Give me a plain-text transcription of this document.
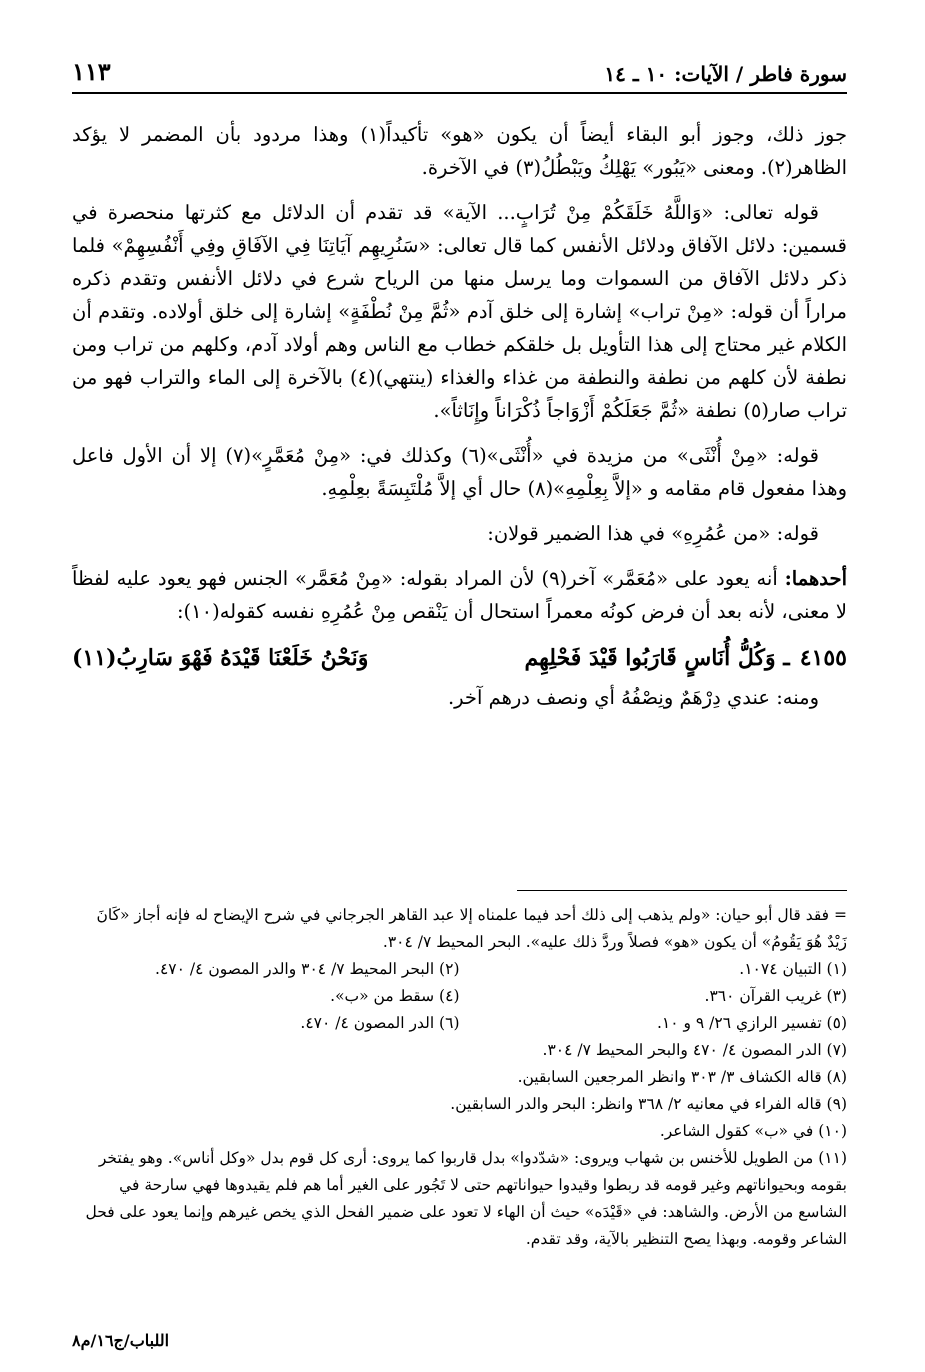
سورة فاطر / الآيات: ١٠ ـ ١٤
١١٣

جوز ذلك، وجوز أبو البقاء أيضاً أن يكون «هو» تأكيداً(١) وهذا مردود بأن المضمر لا يؤكد الظاهر(٢). ومعنى «يَبُور» يَهْلِكُ ويَبْطُلُ(٣) في الآخرة.

قوله تعالى: «وَاللَّهُ خَلَقَكُمْ مِنْ تُرَابٍ... الآية» قد تقدم أن الدلائل مع كثرتها منحصرة في قسمين: دلائل الآفاق ودلائل الأنفس كما قال تعالى: «سَنُرِيهِم آيَاتِنَا فِي الآفَاقِ وفِي أَنْفُسِهِمْ» فلما ذكر دلائل الآفاق من السموات وما يرسل منها من الرياح شرع في دلائل الأنفس وتقدم ذكره مراراً أن قوله: «مِنْ تراب» إشارة إلى خلق آدم «ثُمَّ مِنْ نُطْفَةٍ» إشارة إلى خلق أولاده. وتقدم أن الكلام غير محتاج إلى هذا التأويل بل خلقكم خطاب مع الناس وهم أولاد آدم، وكلهم من تراب ومن نطفة لأن كلهم من نطفة والنطفة من غذاء والغذاء (ينتهي)(٤) بالآخرة إلى الماء والتراب فهو من تراب صار(٥) نطفة «ثُمَّ جَعَلَكُمْ أَزْوَاجاً ذُكْرَاناً وإِنَاثاً».

قوله: «مِنْ أُنْثَى» من مزيدة في «أُنْثَى»(٦) وكذلك في: «مِنْ مُعَمَّرٍ»(٧) إلا أن الأول فاعل وهذا مفعول قام مقامه و «إلاَّ بِعِلْمِهِ»(٨) حال أي إلاَّ مُلْتَبِسَةً بعِلْمِهِ.

قوله: «من عُمُرِهِ» في هذا الضمير قولان:

أحدهما: أنه يعود على «مُعَمَّر» آخر(٩) لأن المراد بقوله: «مِنْ مُعَمَّر» الجنس فهو يعود عليه لفظاً لا معنى، لأنه بعد أن فرض كونُه معمراً استحال أن يَنْقص مِنْ عُمُرِهِ نفسه كقوله(١٠):

٤١٥٥ـ وَكُلُّ أُنَاسٍ قَارَبُوا قَيْدَ فَحْلِهِم
وَنَحْنُ خَلَعْنَا قَيْدَهُ فَهْوَ سَارِبُ(١١)

ومنه: عندي دِرْهَمٌ ونِصْفُهُ أي ونصف درهم آخر.

= فقد قال أبو حيان: «ولم يذهب إلى ذلك أحد فيما علمناه إلا عبد القاهر الجرجاني في شرح الإيضاح له فإنه أجاز «كَانَ زَيْدٌ هُوَ يَقُومُ» أن يكون «هو» فصلاً وردَّ ذلك عليه». البحر المحيط ٧/ ٣٠٤.

(١) التبيان ١٠٧٤.
(٢) البحر المحيط ٧/ ٣٠٤ والدر المصون ٤/ ٤٧٠.
(٣) غريب القرآن ٣٦٠.
(٤) سقط من «ب».
(٥) تفسير الرازي ٢٦/ ٩ و ١٠.
(٦) الدر المصون ٤/ ٤٧٠.

(٧) الدر المصون ٤/ ٤٧٠ والبحر المحيط ٧/ ٣٠٤.

(٨) قاله الكشاف ٣/ ٣٠٣ وانظر المرجعين السابقين.

(٩) قاله الفراء في معانيه ٢/ ٣٦٨ وانظر: البحر والدر السابقين.

(١٠) في «ب» كقول الشاعر.

(١١) من الطويل للأخنس بن شهاب ويروى: «شدّدوا» بدل قاربوا كما يروى: أرى كل قوم بدل «وكل أناس». وهو يفتخر بقومه وبحيواناتهم وغير قومه قد ربطوا وقيدوا حيواناتهم حتى لا تَجُور على الغير أما هم فلم يقيدوها فهي سارحة في الشاسع من الأرض. والشاهد: في «قَيْدَه» حيث أن الهاء لا تعود على ضمير الفحل الذي يخص غيرهم وإنما يعود على فحل الشاعر وقومه. وبهذا يصح التنظير بالآية، وقد تقدم.

اللباب/ج١٦/م٨
